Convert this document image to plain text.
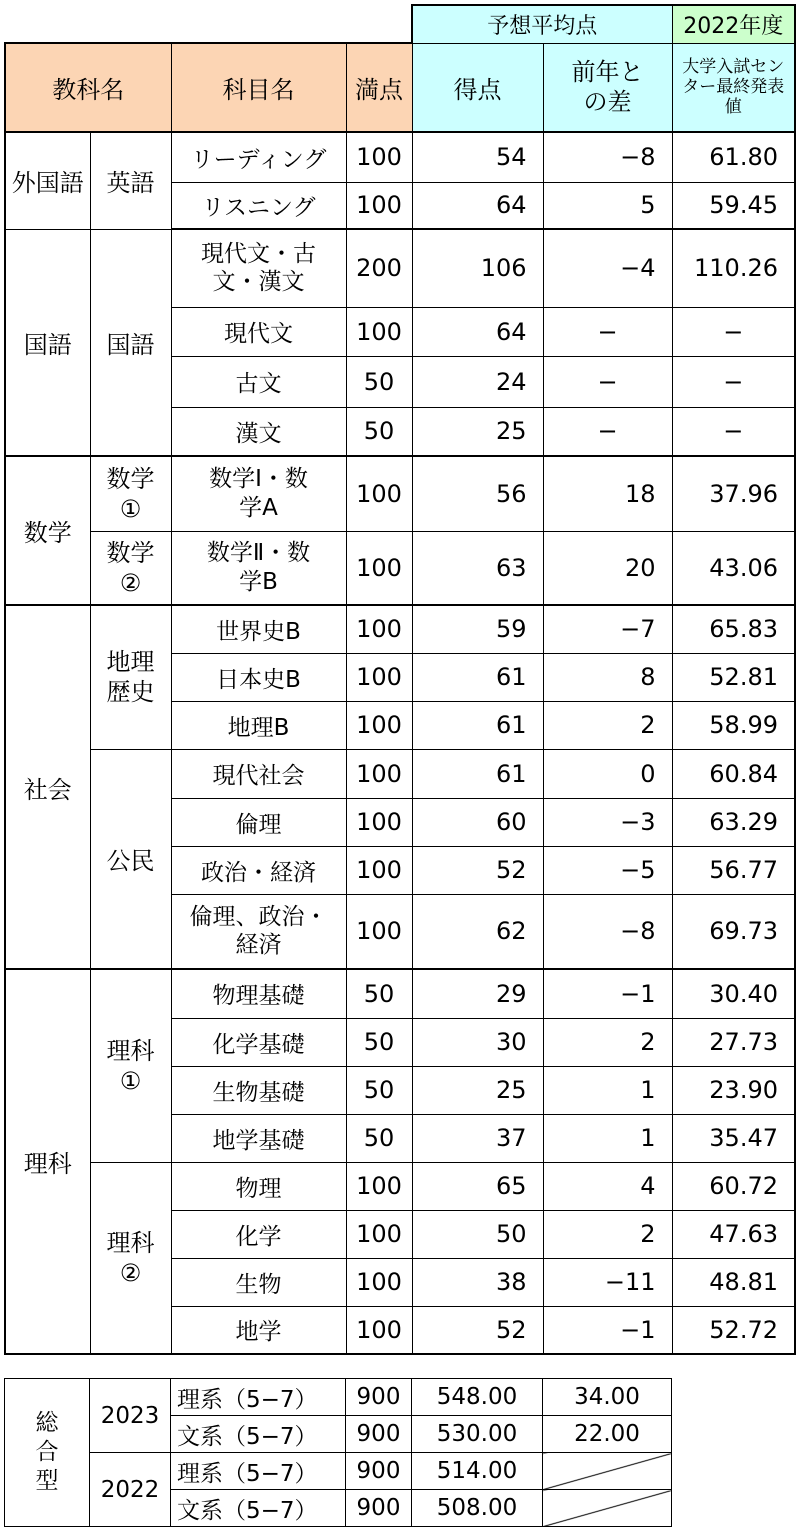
				予想平均点		2022年度
教科名		科目名	満点	得点	前年との差	大学入試センター最終発表値
外国語	英語	リーディング	100	54	−8	61.80
		リスニング	100	64	5	59.45
国語	国語	現代文・古文・漢文	200	106	−4	110.26
		現代文	100	64	−	−
		古文	50	24	−	−
		漢文	50	25	−	−
数学	数学①	数学Ⅰ・数学A	100	56	18	37.96
	数学②	数学Ⅱ・数学B	100	63	20	43.06
社会	地理歴史	世界史B	100	59	−7	65.83
		日本史B	100	61	8	52.81
		地理B	100	61	2	58.99
	公民	現代社会	100	61	0	60.84
		倫理	100	60	−3	63.29
		政治・経済	100	52	−5	56.77
		倫理、政治・経済	100	62	−8	69.73
理科	理科①	物理基礎	50	29	−1	30.40
		化学基礎	50	30	2	27.73
		生物基礎	50	25	1	23.90
		地学基礎	50	37	1	35.47
	理科②	物理	100	65	4	60.72
		化学	100	50	2	47.63
		生物	100	38	−11	48.81
		地学	100	52	−1	52.72
総合型	2023	理系（5−7）	900	548.00	34.00
		文系（5−7）	900	530.00	22.00
	2022	理系（5−7）	900	514.00	
		文系（5−7）	900	508.00	
